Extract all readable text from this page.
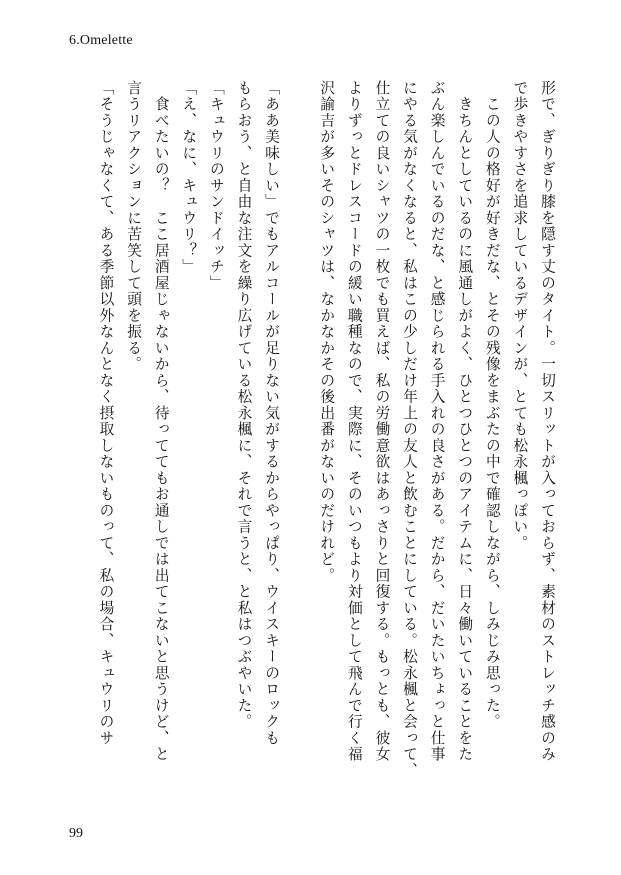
6.Omelette
形で、ぎりぎり膝を隠す丈のタイト。一切スリットが入っておらず、素材のストレッチ感のみ
で歩きやすさを追求しているデザインが、とても松永楓っぽい。
　この人の格好が好きだな、とその残像をまぶたの中で確認しながら、しみじみ思った。
　きちんとしているのに風通しがよく、ひとつひとつのアイテムに、日々働いていることをた
ぶん楽しんでいるのだな、と感じられる手入れの良さがある。だから、だいたいちょっと仕事
にやる気がなくなると、私はこの少しだけ年上の友人と飲むことにしている。松永楓と会って、
仕立ての良いシャツの一枚でも買えば、私の労働意欲はあっさりと回復する。もっとも、彼女
よりずっとドレスコードの緩い職種なので、実際に、そのいつもより対価として飛んで行く福
沢諭吉が多いそのシャツは、なかなかその後出番がないのだけれど。
「ああ美味しい」でもアルコールが足りない気がするからやっぱり、ウイスキーのロックも
もらおう、と自由な注文を繰り広げている松永楓に、それで言うと、と私はつぶやいた。
「キュウリのサンドイッチ」
「え、なに、キュウリ？」
　食べたいの？　ここ居酒屋じゃないから、待っててもお通しでは出てこないと思うけど、と
言うリアクションに苦笑して頭を振る。
「そうじゃなくて、ある季節以外なんとなく摂取しないものって、私の場合、キュウリのサ
99
